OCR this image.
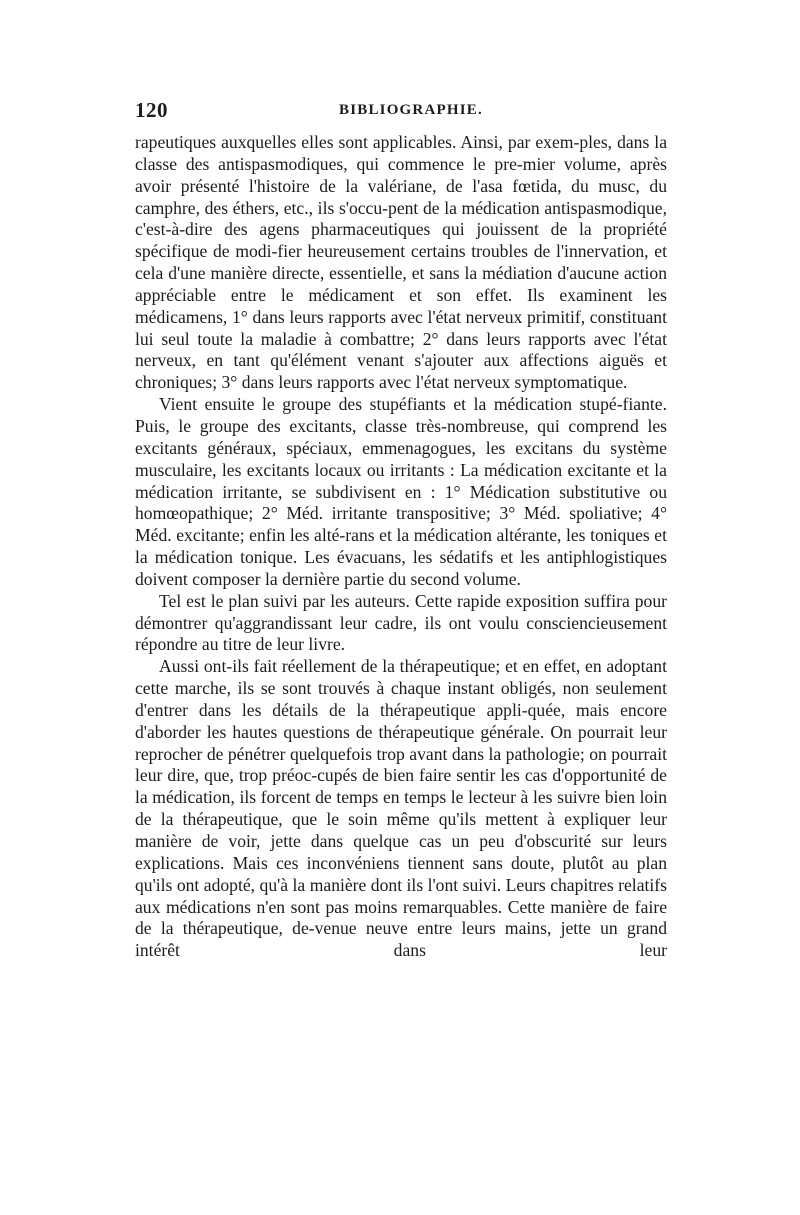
120	BIBLIOGRAPHIE.

rapeutiques auxquelles elles sont applicables. Ainsi, par exem-ples, dans la classe des antispasmodiques, qui commence le pre-mier volume, après avoir présenté l'histoire de la valériane, de l'asa fœtida, du musc, du camphre, des éthers, etc., ils s'occu-pent de la médication antispasmodique, c'est-à-dire des agens pharmaceutiques qui jouissent de la propriété spécifique de modi-fier heureusement certains troubles de l'innervation, et cela d'une manière directe, essentielle, et sans la médiation d'aucune action appréciable entre le médicament et son effet. Ils examinent les médicamens, 1° dans leurs rapports avec l'état nerveux primitif, constituant lui seul toute la maladie à combattre; 2° dans leurs rapports avec l'état nerveux, en tant qu'élément venant s'ajouter aux affections aiguës et chroniques; 3° dans leurs rapports avec l'état nerveux symptomatique.

Vient ensuite le groupe des stupéfiants et la médication stupé-fiante. Puis, le groupe des excitants, classe très-nombreuse, qui comprend les excitants généraux, spéciaux, emmenagogues, les excitans du système musculaire, les excitants locaux ou irritants : La médication excitante et la médication irritante, se subdivisent en : 1° Médication substitutive ou homœopathique; 2° Méd. irritante transpositive; 3° Méd. spoliative; 4° Méd. excitante; enfin les alté-rans et la médication altérante, les toniques et la médication tonique. Les évacuans, les sédatifs et les antiphlogistiques doivent composer la dernière partie du second volume.

Tel est le plan suivi par les auteurs. Cette rapide exposition suffira pour démontrer qu'aggrandissant leur cadre, ils ont voulu consciencieusement répondre au titre de leur livre.

Aussi ont-ils fait réellement de la thérapeutique; et en effet, en adoptant cette marche, ils se sont trouvés à chaque instant obligés, non seulement d'entrer dans les détails de la thérapeutique appli-quée, mais encore d'aborder les hautes questions de thérapeutique générale. On pourrait leur reprocher de pénétrer quelquefois trop avant dans la pathologie; on pourrait leur dire, que, trop préoc-cupés de bien faire sentir les cas d'opportunité de la médication, ils forcent de temps en temps le lecteur à les suivre bien loin de la thérapeutique, que le soin même qu'ils mettent à expliquer leur manière de voir, jette dans quelque cas un peu d'obscurité sur leurs explications. Mais ces inconvéniens tiennent sans doute, plutôt au plan qu'ils ont adopté, qu'à la manière dont ils l'ont suivi. Leurs chapitres relatifs aux médications n'en sont pas moins remarquables. Cette manière de faire de la thérapeutique, de-venue neuve entre leurs mains, jette un grand intérêt dans leur
